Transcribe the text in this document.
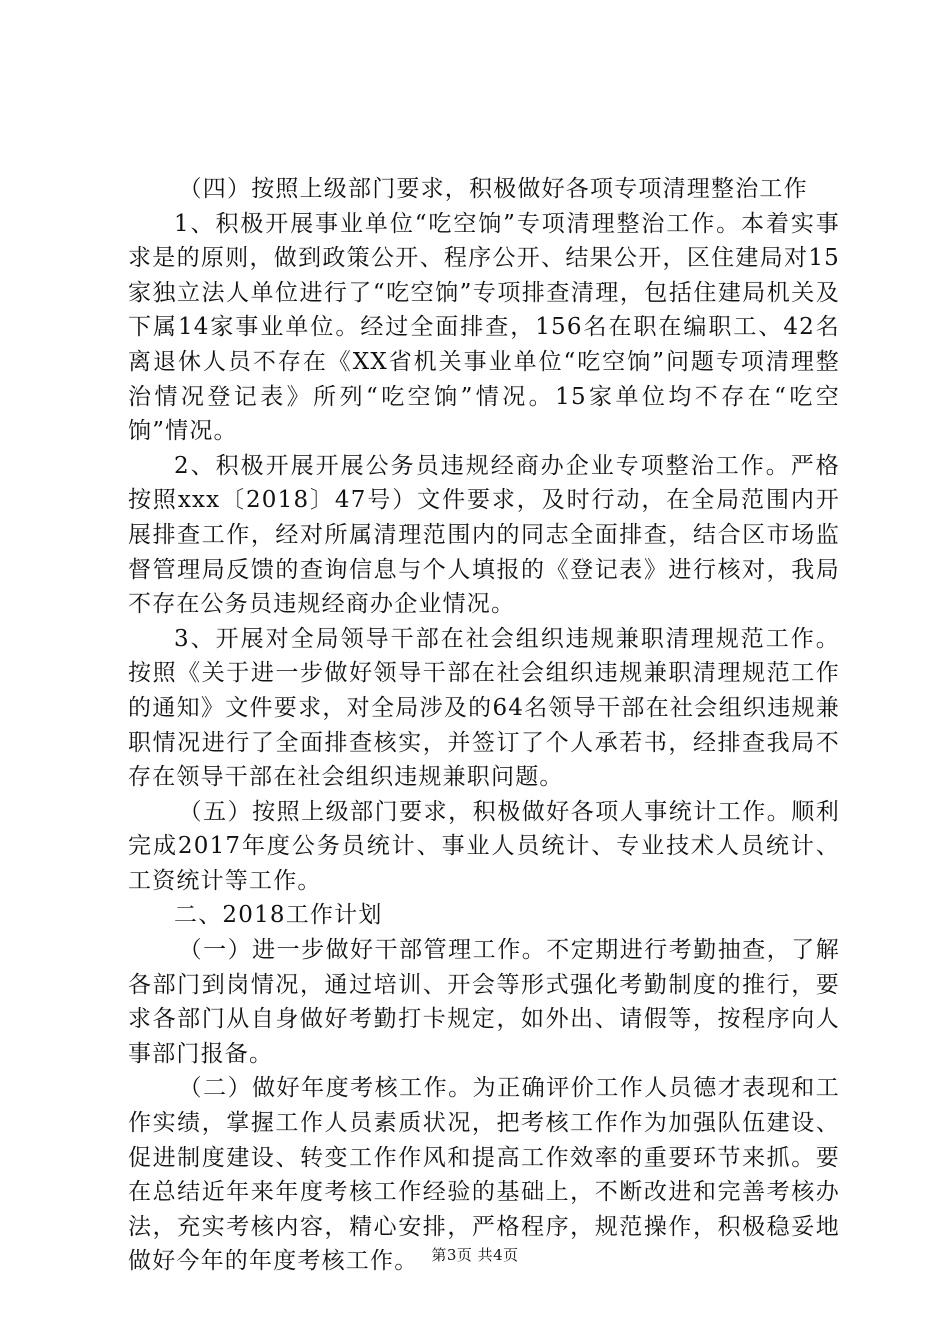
（四）按照上级部门要求，积极做好各项专项清理整治工作

1、积极开展事业单位“吃空饷”专项清理整治工作。本着实事求是的原则，做到政策公开、程序公开、结果公开，区住建局对15家独立法人单位进行了“吃空饷”专项排查清理，包括住建局机关及下属14家事业单位。经过全面排查，156名在职在编职工、42名离退休人员不存在《XX省机关事业单位“吃空饷”问题专项清理整治情况登记表》所列“吃空饷”情况。15家单位均不存在“吃空饷”情况。

2、积极开展开展公务员违规经商办企业专项整治工作。严格按照xxx〔2018〕47号）文件要求，及时行动，在全局范围内开展排查工作，经对所属清理范围内的同志全面排查，结合区市场监督管理局反馈的查询信息与个人填报的《登记表》进行核对，我局不存在公务员违规经商办企业情况。

3、开展对全局领导干部在社会组织违规兼职清理规范工作。按照《关于进一步做好领导干部在社会组织违规兼职清理规范工作的通知》文件要求，对全局涉及的64名领导干部在社会组织违规兼职情况进行了全面排查核实，并签订了个人承若书，经排查我局不存在领导干部在社会组织违规兼职问题。

（五）按照上级部门要求，积极做好各项人事统计工作。顺利完成2017年度公务员统计、事业人员统计、专业技术人员统计、工资统计等工作。

二、2018工作计划

（一）进一步做好干部管理工作。不定期进行考勤抽查，了解各部门到岗情况，通过培训、开会等形式强化考勤制度的推行，要求各部门从自身做好考勤打卡规定，如外出、请假等，按程序向人事部门报备。

（二）做好年度考核工作。为正确评价工作人员德才表现和工作实绩，掌握工作人员素质状况，把考核工作作为加强队伍建设、促进制度建设、转变工作作风和提高工作效率的重要环节来抓。要在总结近年来年度考核工作经验的基础上，不断改进和完善考核办法，充实考核内容，精心安排，严格程序，规范操作，积极稳妥地做好今年的年度考核工作。 第3页 共4页
